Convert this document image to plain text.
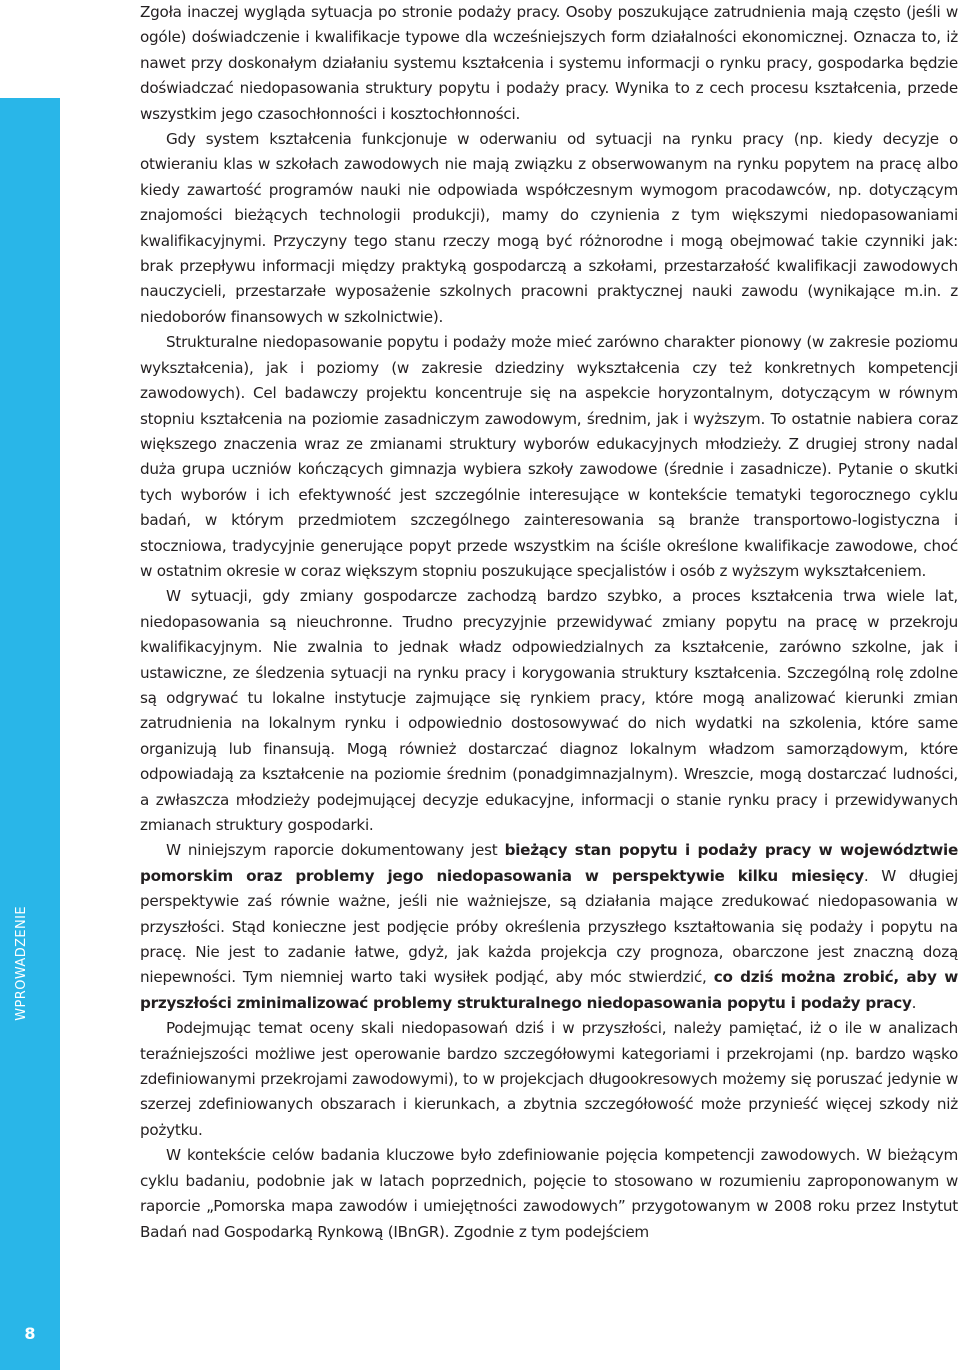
WPROWADZENIE
8

Zgoła inaczej wygląda sytuacja po stronie podaży pracy. Osoby poszukujące zatrudnienia mają często (jeśli w ogóle) doświadczenie i kwalifikacje typowe dla wcześniejszych form działalności ekonomicznej. Oznacza to, iż nawet przy doskonałym działaniu systemu kształcenia i systemu informacji o rynku pracy, gospodarka będzie doświadczać niedopasowania struktury popytu i podaży pracy. Wynika to z cech procesu kształcenia, przede wszystkim jego czasochłonności i kosztochłonności.

Gdy system kształcenia funkcjonuje w oderwaniu od sytuacji na rynku pracy (np. kiedy decyzje o otwieraniu klas w szkołach zawodowych nie mają związku z obserwowanym na rynku popytem na pracę albo kiedy zawartość programów nauki nie odpowiada współczesnym wymogom pracodawców, np. dotyczącym znajomości bieżących technologii produkcji), mamy do czynienia z tym większymi niedopasowaniami kwalifikacyjnymi. Przyczyny tego stanu rzeczy mogą być różnorodne i mogą obejmować takie czynniki jak: brak przepływu informacji między praktyką gospodarczą a szkołami, przestarzałość kwalifikacji zawodowych nauczycieli, przestarzałe wyposażenie szkolnych pracowni praktycznej nauki zawodu (wynikające m.in. z niedoborów finansowych w szkolnictwie).

Strukturalne niedopasowanie popytu i podaży może mieć zarówno charakter pionowy (w zakresie poziomu wykształcenia), jak i poziomy (w zakresie dziedziny wykształcenia czy też konkretnych kompetencji zawodowych). Cel badawczy projektu koncentruje się na aspekcie horyzontalnym, dotyczącym w równym stopniu kształcenia na poziomie zasadniczym zawodowym, średnim, jak i wyższym. To ostatnie nabiera coraz większego znaczenia wraz ze zmianami struktury wyborów edukacyjnych młodzieży. Z drugiej strony nadal duża grupa uczniów kończących gimnazja wybiera szkoły zawodowe (średnie i zasadnicze). Pytanie o skutki tych wyborów i ich efektywność jest szczególnie interesujące w kontekście tematyki tegorocznego cyklu badań, w którym przedmiotem szczególnego zainteresowania są branże transportowo-logistyczna i stoczniowa, tradycyjnie generujące popyt przede wszystkim na ściśle określone kwalifikacje zawodowe, choć w ostatnim okresie w coraz większym stopniu poszukujące specjalistów i osób z wyższym wykształceniem.

W sytuacji, gdy zmiany gospodarcze zachodzą bardzo szybko, a proces kształcenia trwa wiele lat, niedopasowania są nieuchronne. Trudno precyzyjnie przewidywać zmiany popytu na pracę w przekroju kwalifikacyjnym. Nie zwalnia to jednak władz odpowiedzialnych za kształcenie, zarówno szkolne, jak i ustawiczne, ze śledzenia sytuacji na rynku pracy i korygowania struktury kształcenia. Szczególną rolę zdolne są odgrywać tu lokalne instytucje zajmujące się rynkiem pracy, które mogą analizować kierunki zmian zatrudnienia na lokalnym rynku i odpowiednio dostosowywać do nich wydatki na szkolenia, które same organizują lub finansują. Mogą również dostarczać diagnoz lokalnym władzom samorządowym, które odpowiadają za kształcenie na poziomie średnim (ponadgimnazjalnym). Wreszcie, mogą dostarczać ludności, a zwłaszcza młodzieży podejmującej decyzje edukacyjne, informacji o stanie rynku pracy i przewidywanych zmianach struktury gospodarki.

W niniejszym raporcie dokumentowany jest bieżący stan popytu i podaży pracy w województwie pomorskim oraz problemy jego niedopasowania w perspektywie kilku miesięcy. W długiej perspektywie zaś równie ważne, jeśli nie ważniejsze, są działania mające zredukować niedopasowania w przyszłości. Stąd konieczne jest podjęcie próby określenia przyszłego kształtowania się podaży i popytu na pracę. Nie jest to zadanie łatwe, gdyż, jak każda projekcja czy prognoza, obarczone jest znaczną dozą niepewności. Tym niemniej warto taki wysiłek podjąć, aby móc stwierdzić, co dziś można zrobić, aby w przyszłości zminimalizować problemy strukturalnego niedopasowania popytu i podaży pracy.

Podejmując temat oceny skali niedopasowań dziś i w przyszłości, należy pamiętać, iż o ile w analizach teraźniejszości możliwe jest operowanie bardzo szczegółowymi kategoriami i przekrojami (np. bardzo wąsko zdefiniowanymi przekrojami zawodowymi), to w projekcjach długookresowych możemy się poruszać jedynie w szerzej zdefiniowanych obszarach i kierunkach, a zbytnia szczegółowość może przynieść więcej szkody niż pożytku.

W kontekście celów badania kluczowe było zdefiniowanie pojęcia kompetencji zawodowych. W bieżącym cyklu badaniu, podobnie jak w latach poprzednich, pojęcie to stosowano w rozumieniu zaproponowanym w raporcie „Pomorska mapa zawodów i umiejętności zawodowych” przygotowanym w 2008 roku przez Instytut Badań nad Gospodarką Rynkową (IBnGR). Zgodnie z tym podejściem
